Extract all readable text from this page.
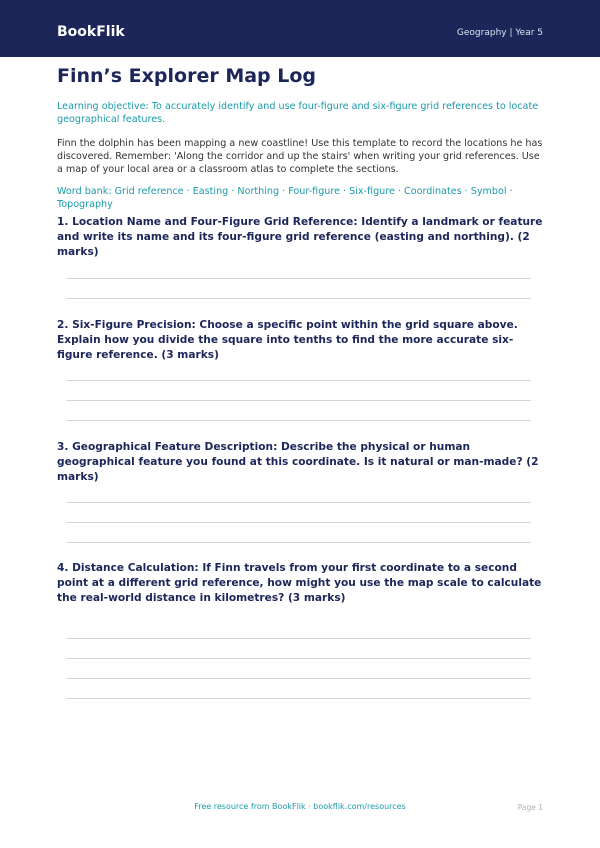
BookFlik	Geography | Year 5
Finn’s Explorer Map Log
Learning objective: To accurately identify and use four-figure and six-figure grid references to locate geographical features.
Finn the dolphin has been mapping a new coastline! Use this template to record the locations he has discovered. Remember: 'Along the corridor and up the stairs' when writing your grid references. Use a map of your local area or a classroom atlas to complete the sections.
Word bank: Grid reference · Easting · Northing · Four-figure · Six-figure · Coordinates · Symbol · Topography
1. Location Name and Four-Figure Grid Reference: Identify a landmark or feature and write its name and its four-figure grid reference (easting and northing). (2 marks)
2. Six-Figure Precision: Choose a specific point within the grid square above. Explain how you divide the square into tenths to find the more accurate six-figure reference. (3 marks)
3. Geographical Feature Description: Describe the physical or human geographical feature you found at this coordinate. Is it natural or man-made? (2 marks)
4. Distance Calculation: If Finn travels from your first coordinate to a second point at a different grid reference, how might you use the map scale to calculate the real-world distance in kilometres? (3 marks)
Free resource from BookFlik · bookflik.com/resources	Page 1
